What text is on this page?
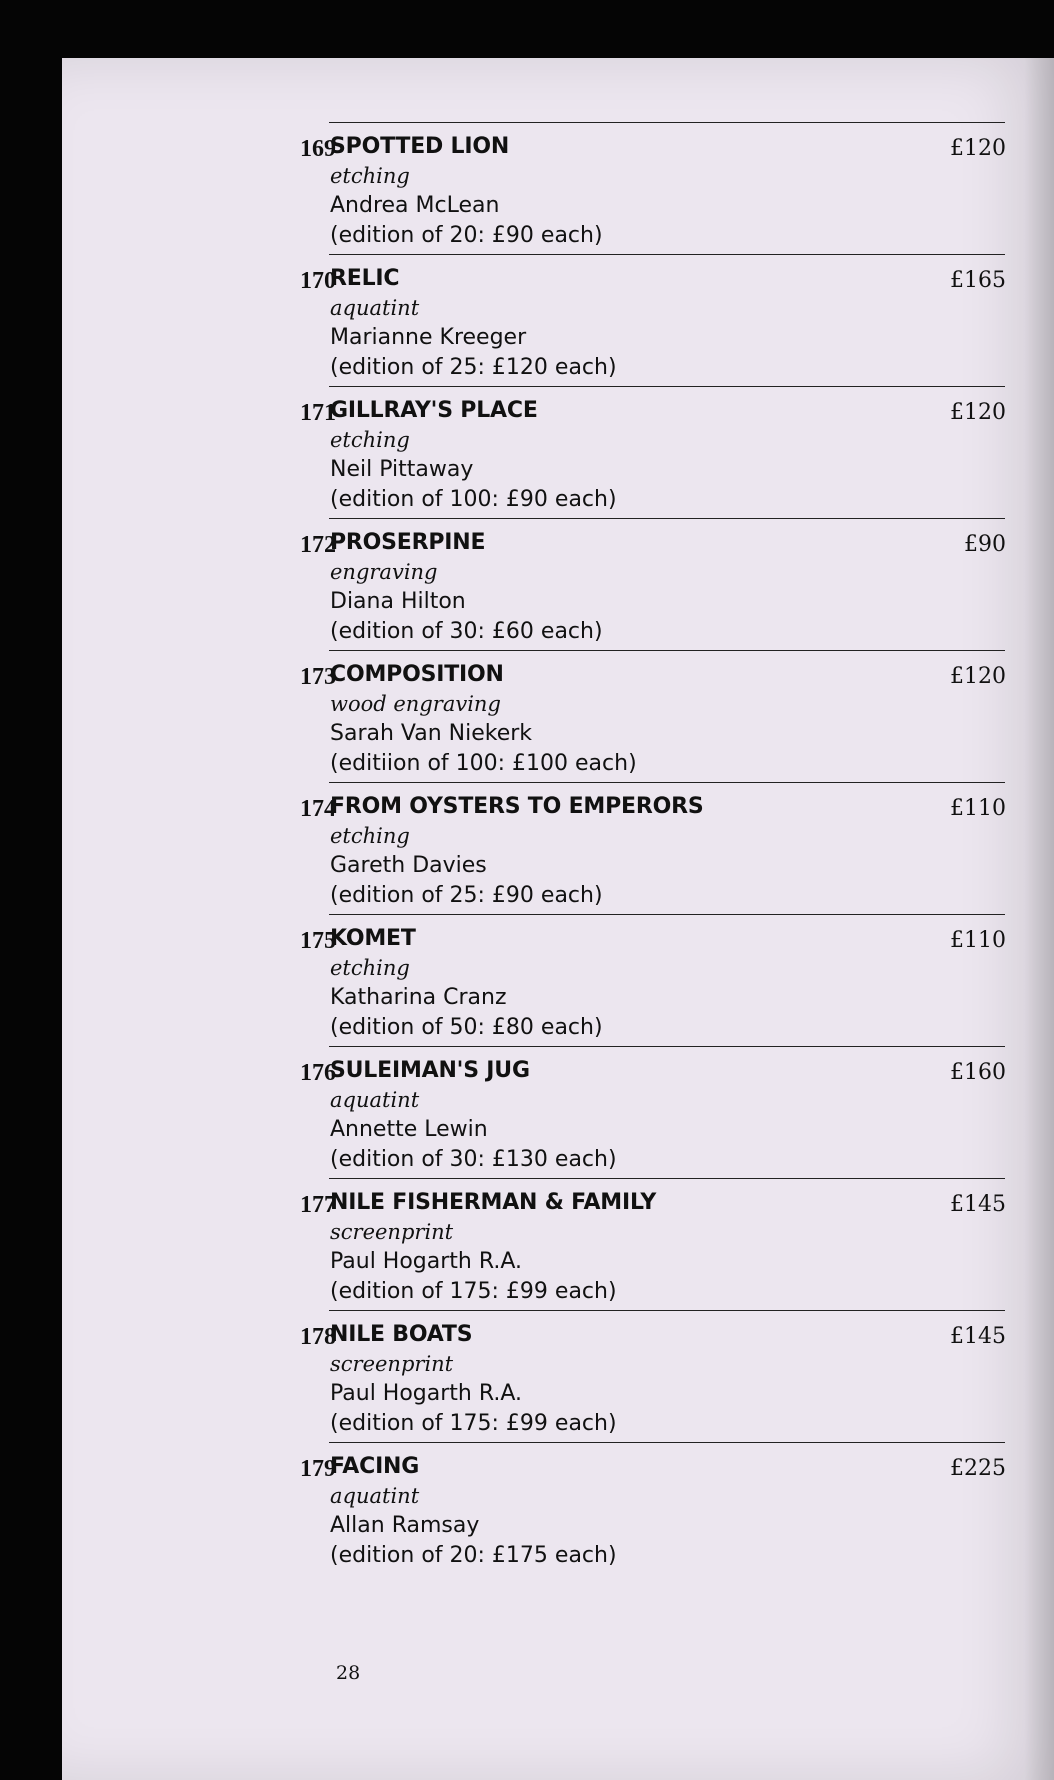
169
SPOTTED LION
etching
Andrea McLean
(edition of 20: £90 each)
£120
170
RELIC
aquatint
Marianne Kreeger
(edition of 25: £120 each)
£165
171
GILLRAY'S PLACE
etching
Neil Pittaway
(edition of 100: £90 each)
£120
172
PROSERPINE
engraving
Diana Hilton
(edition of 30: £60 each)
£90
173
COMPOSITION
wood engraving
Sarah Van Niekerk
(editiion of 100: £100 each)
£120
174
FROM OYSTERS TO EMPERORS
etching
Gareth Davies
(edition of 25: £90 each)
£110
175
KOMET
etching
Katharina Cranz
(edition of 50: £80 each)
£110
176
SULEIMAN'S JUG
aquatint
Annette Lewin
(edition of 30: £130 each)
£160
177
NILE FISHERMAN & FAMILY
screenprint
Paul Hogarth R.A.
(edition of 175: £99 each)
£145
178
NILE BOATS
screenprint
Paul Hogarth R.A.
(edition of 175: £99 each)
£145
179
FACING
aquatint
Allan Ramsay
(edition of 20: £175 each)
£225
28
